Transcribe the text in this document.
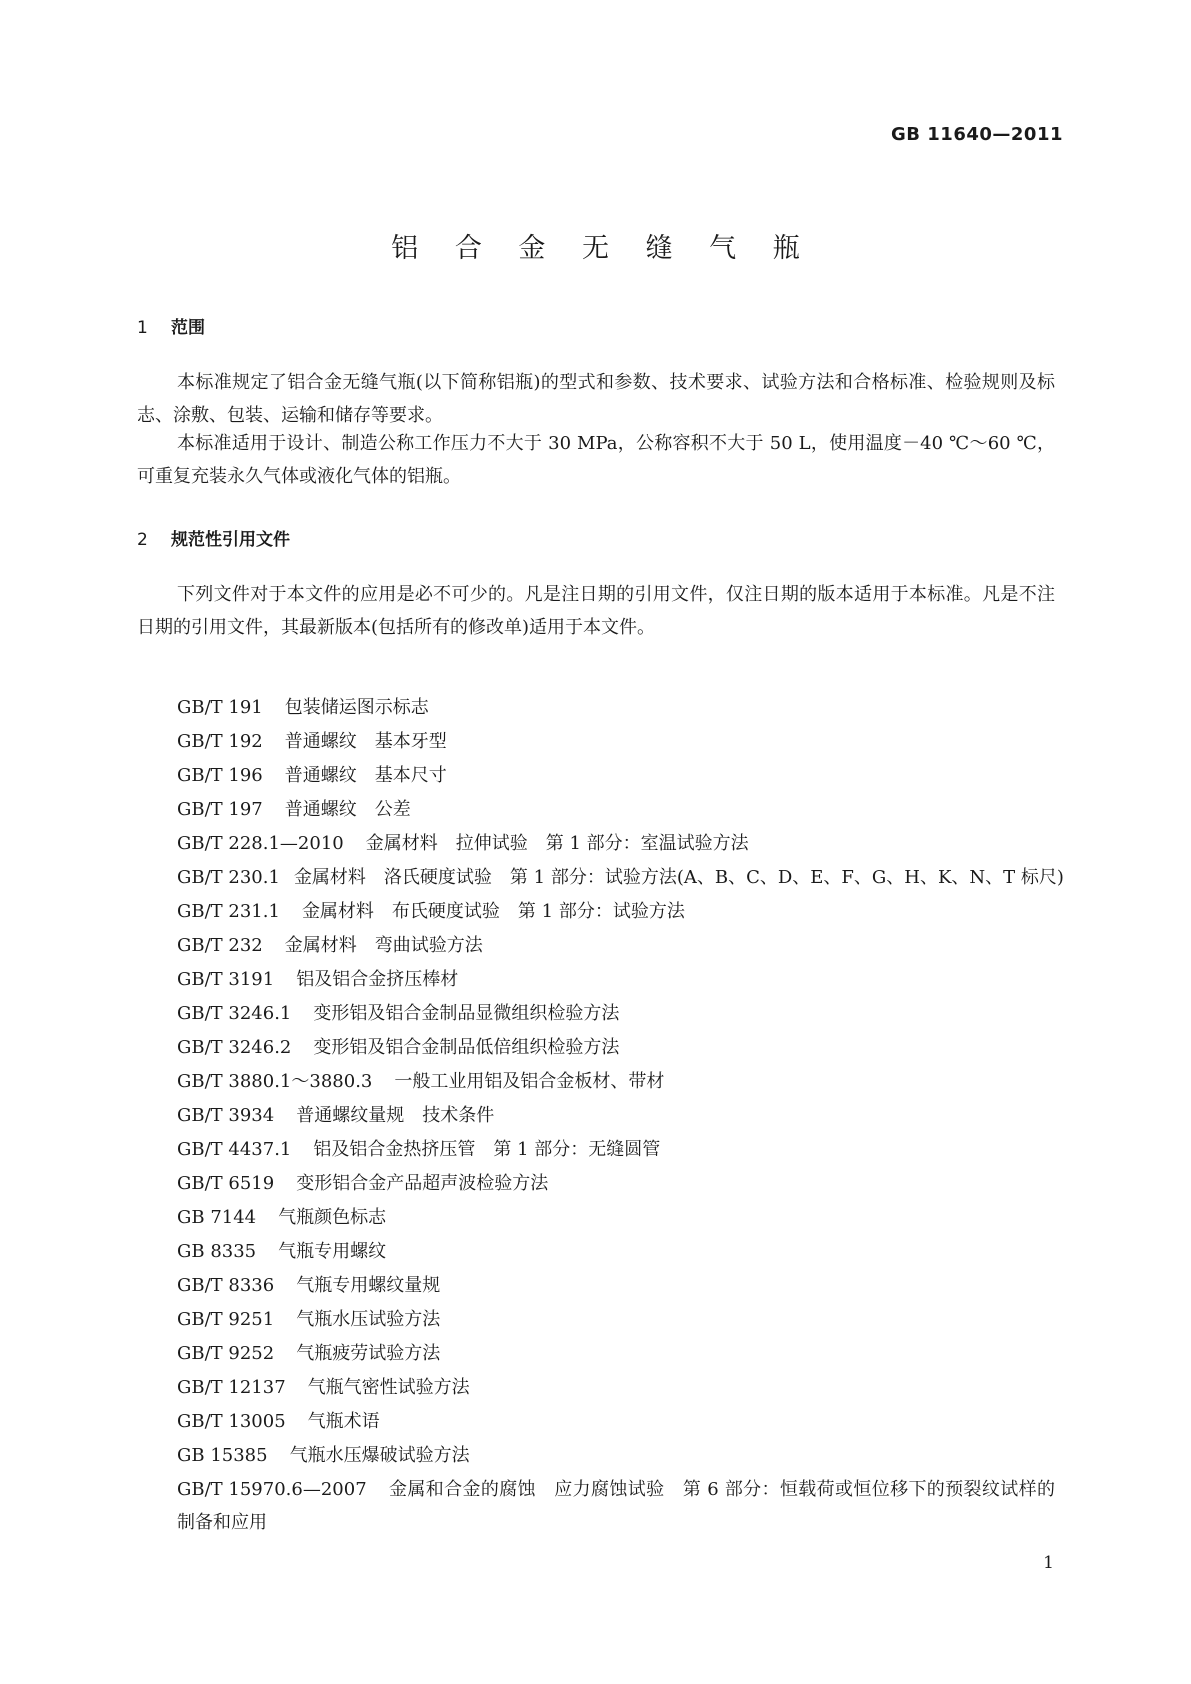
GB 11640—2011
铝 合 金 无 缝 气 瓶
1 范围

本标准规定了铝合金无缝气瓶(以下简称铝瓶)的型式和参数、技术要求、试验方法和合格标准、检验规则及标志、涂敷、包装、运输和储存等要求。

本标准适用于设计、制造公称工作压力不大于 30 MPa，公称容积不大于 50 L，使用温度－40 ℃～60 ℃，可重复充装永久气体或液化气体的铝瓶。

2 规范性引用文件

下列文件对于本文件的应用是必不可少的。凡是注日期的引用文件，仅注日期的版本适用于本标准。凡是不注日期的引用文件，其最新版本(包括所有的修改单)适用于本文件。

GB/T 191 包装储运图示标志
GB/T 192 普通螺纹　基本牙型
GB/T 196 普通螺纹　基本尺寸
GB/T 197 普通螺纹　公差
GB/T 228.1—2010 金属材料　拉伸试验　第 1 部分：室温试验方法
GB/T 230.1 金属材料　洛氏硬度试验　第 1 部分：试验方法(A、B、C、D、E、F、G、H、K、N、T 标尺)
GB/T 231.1 金属材料　布氏硬度试验　第 1 部分：试验方法
GB/T 232 金属材料　弯曲试验方法
GB/T 3191 铝及铝合金挤压棒材
GB/T 3246.1 变形铝及铝合金制品显微组织检验方法
GB/T 3246.2 变形铝及铝合金制品低倍组织检验方法
GB/T 3880.1～3880.3 一般工业用铝及铝合金板材、带材
GB/T 3934 普通螺纹量规　技术条件
GB/T 4437.1 铝及铝合金热挤压管　第 1 部分：无缝圆管
GB/T 6519 变形铝合金产品超声波检验方法
GB 7144 气瓶颜色标志
GB 8335 气瓶专用螺纹
GB/T 8336 气瓶专用螺纹量规
GB/T 9251 气瓶水压试验方法
GB/T 9252 气瓶疲劳试验方法
GB/T 12137 气瓶气密性试验方法
GB/T 13005 气瓶术语
GB 15385 气瓶水压爆破试验方法
GB/T 15970.6—2007 金属和合金的腐蚀　应力腐蚀试验　第 6 部分：恒载荷或恒位移下的预裂纹试样的制备和应用
1
